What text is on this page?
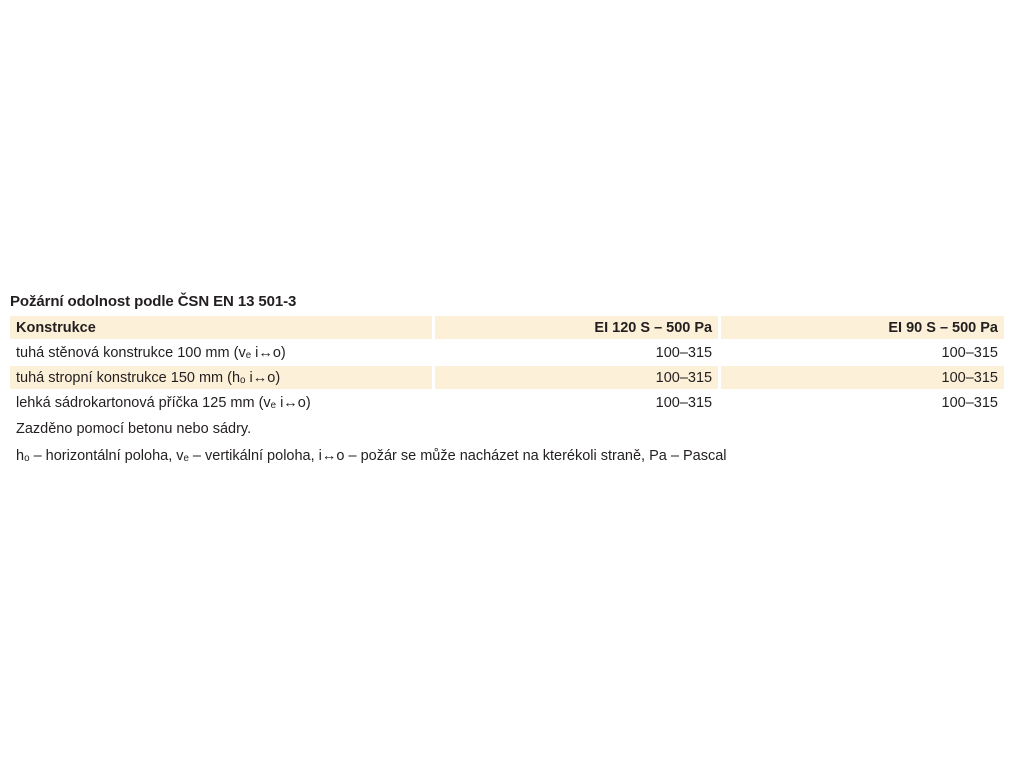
Požární odolnost podle ČSN EN 13 501-3
Konstrukce	EI 120 S – 500 Pa	EI 90 S – 500 Pa
tuhá stěnová konstrukce 100 mm (vₑ i↔o)	100–315	100–315
tuhá stropní konstrukce 150 mm (hₒ i↔o)	100–315	100–315
lehká sádrokartonová příčka 125 mm (vₑ i↔o)	100–315	100–315
Zazděno pomocí betonu nebo sádry.
hₒ – horizontální poloha, vₑ – vertikální poloha, i↔o – požár se může nacházet na kterékoli straně, Pa – Pascal
